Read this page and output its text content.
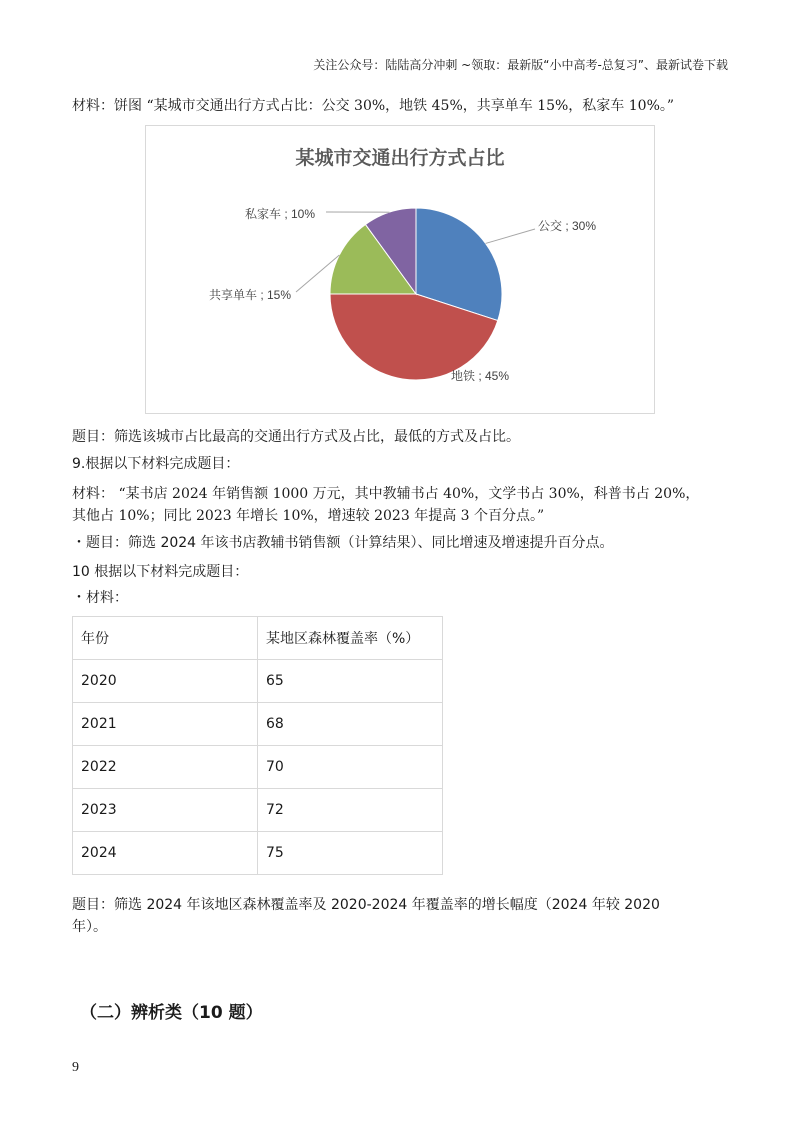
关注公众号：陆陆高分冲刺 ~领取：最新版“小中高考-总复习”、最新试卷下载
材料：饼图 “某城市交通出行方式占比：公交 30%，地铁 45%，共享单车 15%，私家车 10%。”
某城市交通出行方式占比
公交 ; 30%
地铁 ; 45%
共享单车 ; 15%
私家车 ; 10%
题目：筛选该城市占比最高的交通出行方式及占比，最低的方式及占比。
9.根据以下材料完成题目：
材料： “某书店 2024 年销售额 1000 万元，其中教辅书占 40%，文学书占 30%，科普书占 20%，
其他占 10%；同比 2023 年增长 10%，增速较 2023 年提高 3 个百分点。”
・题目：筛选 2024 年该书店教辅书销售额（计算结果）、同比增速及增速提升百分点。
10 根据以下材料完成题目：
・材料：
年份	某地区森林覆盖率（%）
2020	65
2021	68
2022	70
2023	72
2024	75
题目：筛选 2024 年该地区森林覆盖率及 2020-2024 年覆盖率的增长幅度（2024 年较 2020
年）。
（二）辨析类（10 题）
9
